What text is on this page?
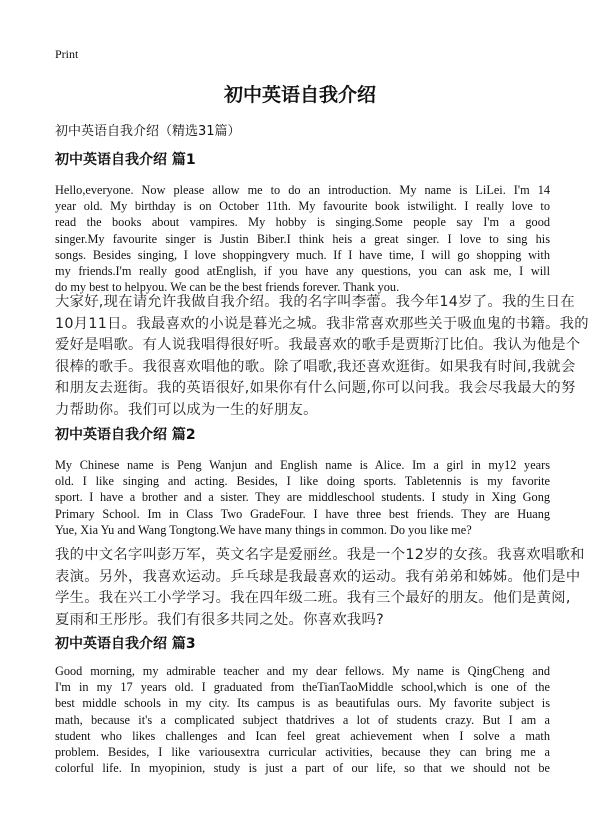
Print
初中英语自我介绍
初中英语自我介绍（精选31篇）
初中英语自我介绍 篇1
Hello,everyone. Now please allow me to do an introduction. My name is LiLei. I'm 14
year old. My birthday is on October 11th. My favourite book istwilight. I really love to
read the books about vampires. My hobby is singing.Some people say I'm a good
singer.My favourite singer is Justin Biber.I think heis a great singer. I love to sing his
songs. Besides singing, I love shoppingvery much. If I have time, I will go shopping with
my friends.I'm really good atEnglish, if you have any questions, you can ask me, I will
do my best to helpyou. We can be the best friends forever. Thank you.
大家好,现在请允许我做自我介绍。我的名字叫李蕾。我今年14岁了。我的生日在
10月11日。我最喜欢的小说是暮光之城。我非常喜欢那些关于吸血鬼的书籍。我的
爱好是唱歌。有人说我唱得很好听。我最喜欢的歌手是贾斯汀比伯。我认为他是个
很棒的歌手。我很喜欢唱他的歌。除了唱歌,我还喜欢逛街。如果我有时间,我就会
和朋友去逛街。我的英语很好,如果你有什么问题,你可以问我。我会尽我最大的努
力帮助你。我们可以成为一生的好朋友。
初中英语自我介绍 篇2
My Chinese name is Peng Wanjun and English name is Alice. Im a girl in my12 years
old. I like singing and acting. Besides, I like doing sports. Tabletennis is my favorite
sport. I have a brother and a sister. They are middleschool students. I study in Xing Gong
Primary School. Im in Class Two GradeFour. I have three best friends. They are Huang
Yue, Xia Yu and Wang Tongtong.We have many things in common. Do you like me?
我的中文名字叫彭万军，英文名字是爱丽丝。我是一个12岁的女孩。我喜欢唱歌和
表演。另外，我喜欢运动。乒乓球是我最喜欢的运动。我有弟弟和姊姊。他们是中
学生。我在兴工小学学习。我在四年级二班。我有三个最好的朋友。他们是黄阅,
夏雨和王彤彤。我们有很多共同之处。你喜欢我吗?
初中英语自我介绍 篇3
Good morning, my admirable teacher and my dear fellows. My name is QingCheng and
I'm in my 17 years old. I graduated from theTianTaoMiddle school,which is one of the
best middle schools in my city. Its campus is as beautifulas ours. My favorite subject is
math, because it's a complicated subject thatdrives a lot of students crazy. But I am a
student who likes challenges and Ican feel great achievement when I solve a math
problem. Besides, I like variousextra curricular activities, because they can bring me a
colorful life. In myopinion, study is just a part of our life, so that we should not be
